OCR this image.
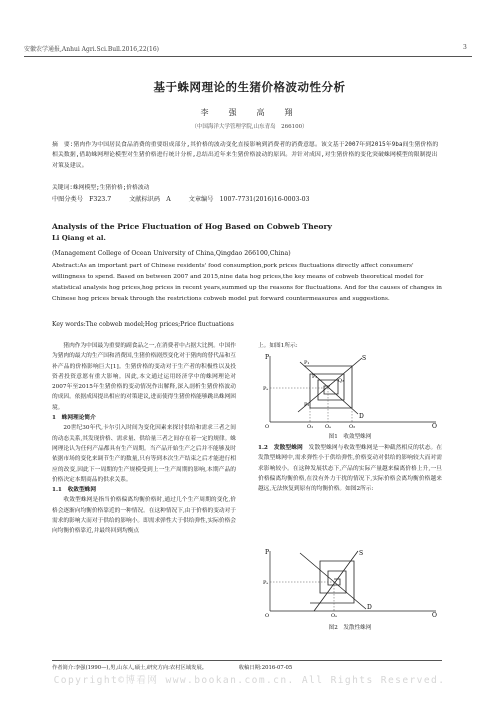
安徽农学通报,Anhui Agri.Sci.Bull.2016,22(16)	3
基于蛛网理论的生猪价格波动性分析
李　强　高　翔
（中国海洋大学管理学院,山东青岛　266100）
摘　要:猪肉作为中国居民食品消费的重要组成部分,其价格的波动变化直接影响到消费者的消费意愿。该文基于2007年到2015年9ba间生猪价格的相关数据,借助蛛网理论模型对生猪价格进行统计分析,总结出近年来生猪价格波动的原因。并针对成因,对生猪价格的变化突破蛛网模型的限制提出对策及建议。
关键词:蛛网模型;生猪价格;价格波动
中图分类号　F323.7	文献标识码　A	文章编号　1007-7731(2016)16-0003-03
Analysis of the Price Fluctuation of Hog Based on Cobweb Theory
Li Qiang et al.
(Management College of Ocean University of China,Qingdao 266100,China)
Abstract:As an important part of Chinese residents' food consumption,pork prices fluctuations directly affect consumers' willingness to spend. Based on between 2007 and 2015,nine data hog prices,the key means of cobweb theoretical model for statistical analysis hog prices,hog prices in recent years,summed up the reasons for fluctuations. And for the causes of changes in Chinese hog prices break through the restrictions cobweb model put forward countermeasures and suggestions.
Key words:The cobweb model;Hog prices;Price fluctuations

猪肉作为中国最为重要的副食品之一,在消费者中占据大比例。中国作为猪肉的最大的生产国和消费国,生猪价格剧烈变化对于猪肉的替代品和互补产品的价格影响巨大[1]。生猪价格的变动对于生产者的积极性以及投资者投资意愿有重大影响。因此,本文通过运用经济学中的蛛网理论对2007年至2015年生猪价格的变动情况作出解释,深入剖析生猪价格波动的成因。依据成因提出相应的对策建议,进而使得生猪价格能够跳出蛛网困境。

1　蛛网理论简介

20世纪30年代,卡尔引入时间为变化因素来探讨供给和需求三者之间的动态关系,其发现价格、需求量、供给量三者之间存在着一定的规律。蛛网理论认为任何产品都具有生产周期。当产品开始生产之后并不能够及时依据市场的变化来调节生产的数量,只有等到本次生产结束之后才能进行相应的改变,因此下一周期的生产规模受到上一生产周期的影响,本期产品的价格决定本期商品的供求关系。

1.1　收敛型蛛网

收敛型蛛网是指当价格偏离均衡价格时,通过几个生产周期的变化,价格会逐渐向均衡价格靠近的一种情况。在这种情况下,由于价格的变动对于需求的影响大而对于供给的影响小。即需求弹性大于供给弹性,实际价格会向均衡价格靠近,并最终回到均衡点

上。如图1所示:
P
Q
O
S
D
P₁
P₂
P₃
Pₑ
Q₁	Q₂
Q₃
Qₑ
图1　收敛型蛛网

1.2　发散型蛛网　 发散型蛛网与收敛型蛛网是一种截然相反的状态。在发散型蛛网中,需求弹性小于供给弹性,价格变动对供给的影响较大而对需求影响较小。在这种发展状态下,产品的实际产量越来偏离价格上升,一旦价格偏离均衡价格,在没有外力干扰的情况下,实际价格会离均衡价格越来越远,无法恢复到原有的均衡价格。如图2所示:

P
Q
O
S
D
Pₑ
Qₑ
图2　发散性蛛网
作者简介:李强(1990—),男,山东人,硕士,研究方向:农村区域发展。	收稿日期:2016-07-05
Copyright©博看网 www.bookan.com.cn. All Rights Reserved.
